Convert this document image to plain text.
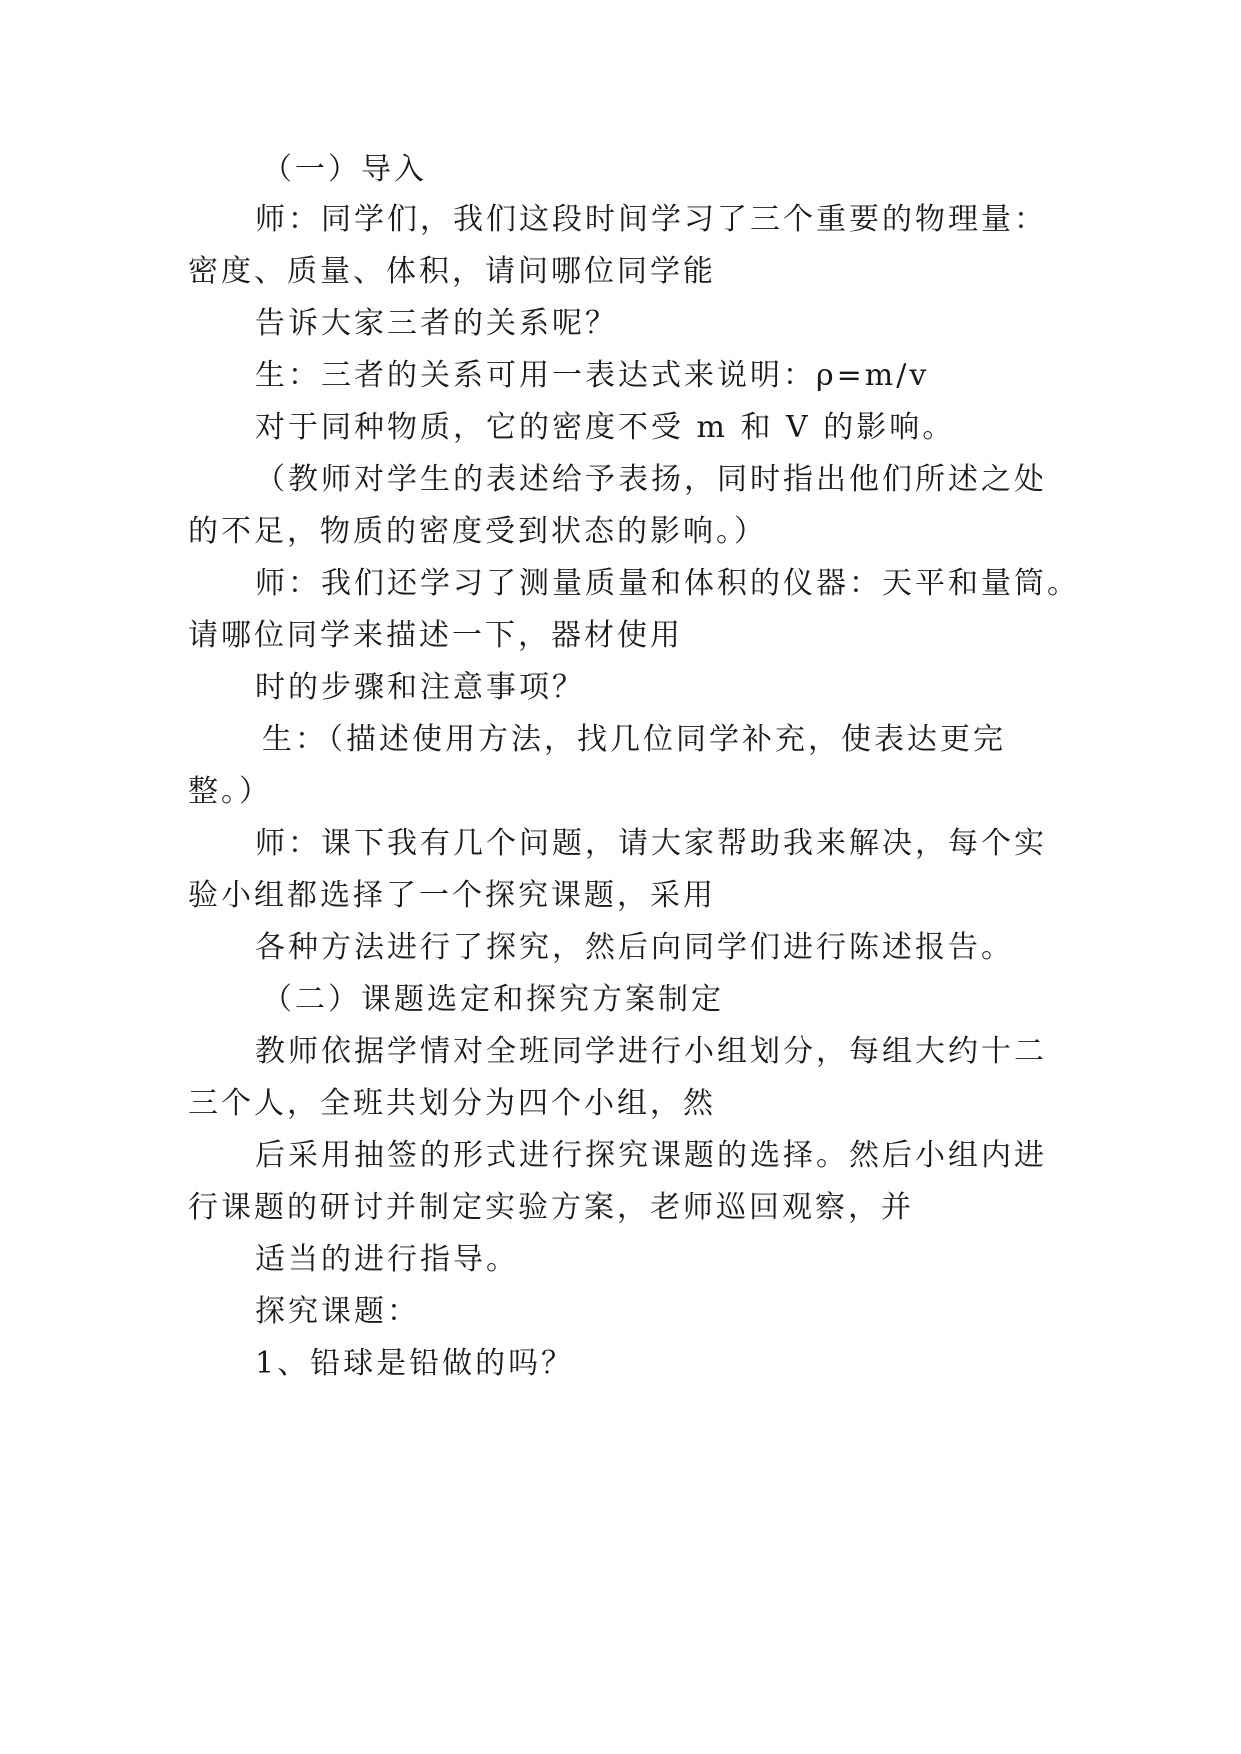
（一）导入
师：同学们，我们这段时间学习了三个重要的物理量：
密度、质量、体积，请问哪位同学能
告诉大家三者的关系呢？
生：三者的关系可用一表达式来说明：ρ=m/v
对于同种物质，它的密度不受 m 和 V 的影响。
（教师对学生的表述给予表扬，同时指出他们所述之处
的不足，物质的密度受到状态的影响。）
师：我们还学习了测量质量和体积的仪器：天平和量筒。
请哪位同学来描述一下，器材使用
时的步骤和注意事项？
生：（描述使用方法，找几位同学补充，使表达更完
整。）
师：课下我有几个问题，请大家帮助我来解决，每个实
验小组都选择了一个探究课题，采用
各种方法进行了探究，然后向同学们进行陈述报告。
（二）课题选定和探究方案制定
教师依据学情对全班同学进行小组划分，每组大约十二
三个人，全班共划分为四个小组，然
后采用抽签的形式进行探究课题的选择。然后小组内进
行课题的研讨并制定实验方案，老师巡回观察，并
适当的进行指导。
探究课题：
1、铅球是铅做的吗？
